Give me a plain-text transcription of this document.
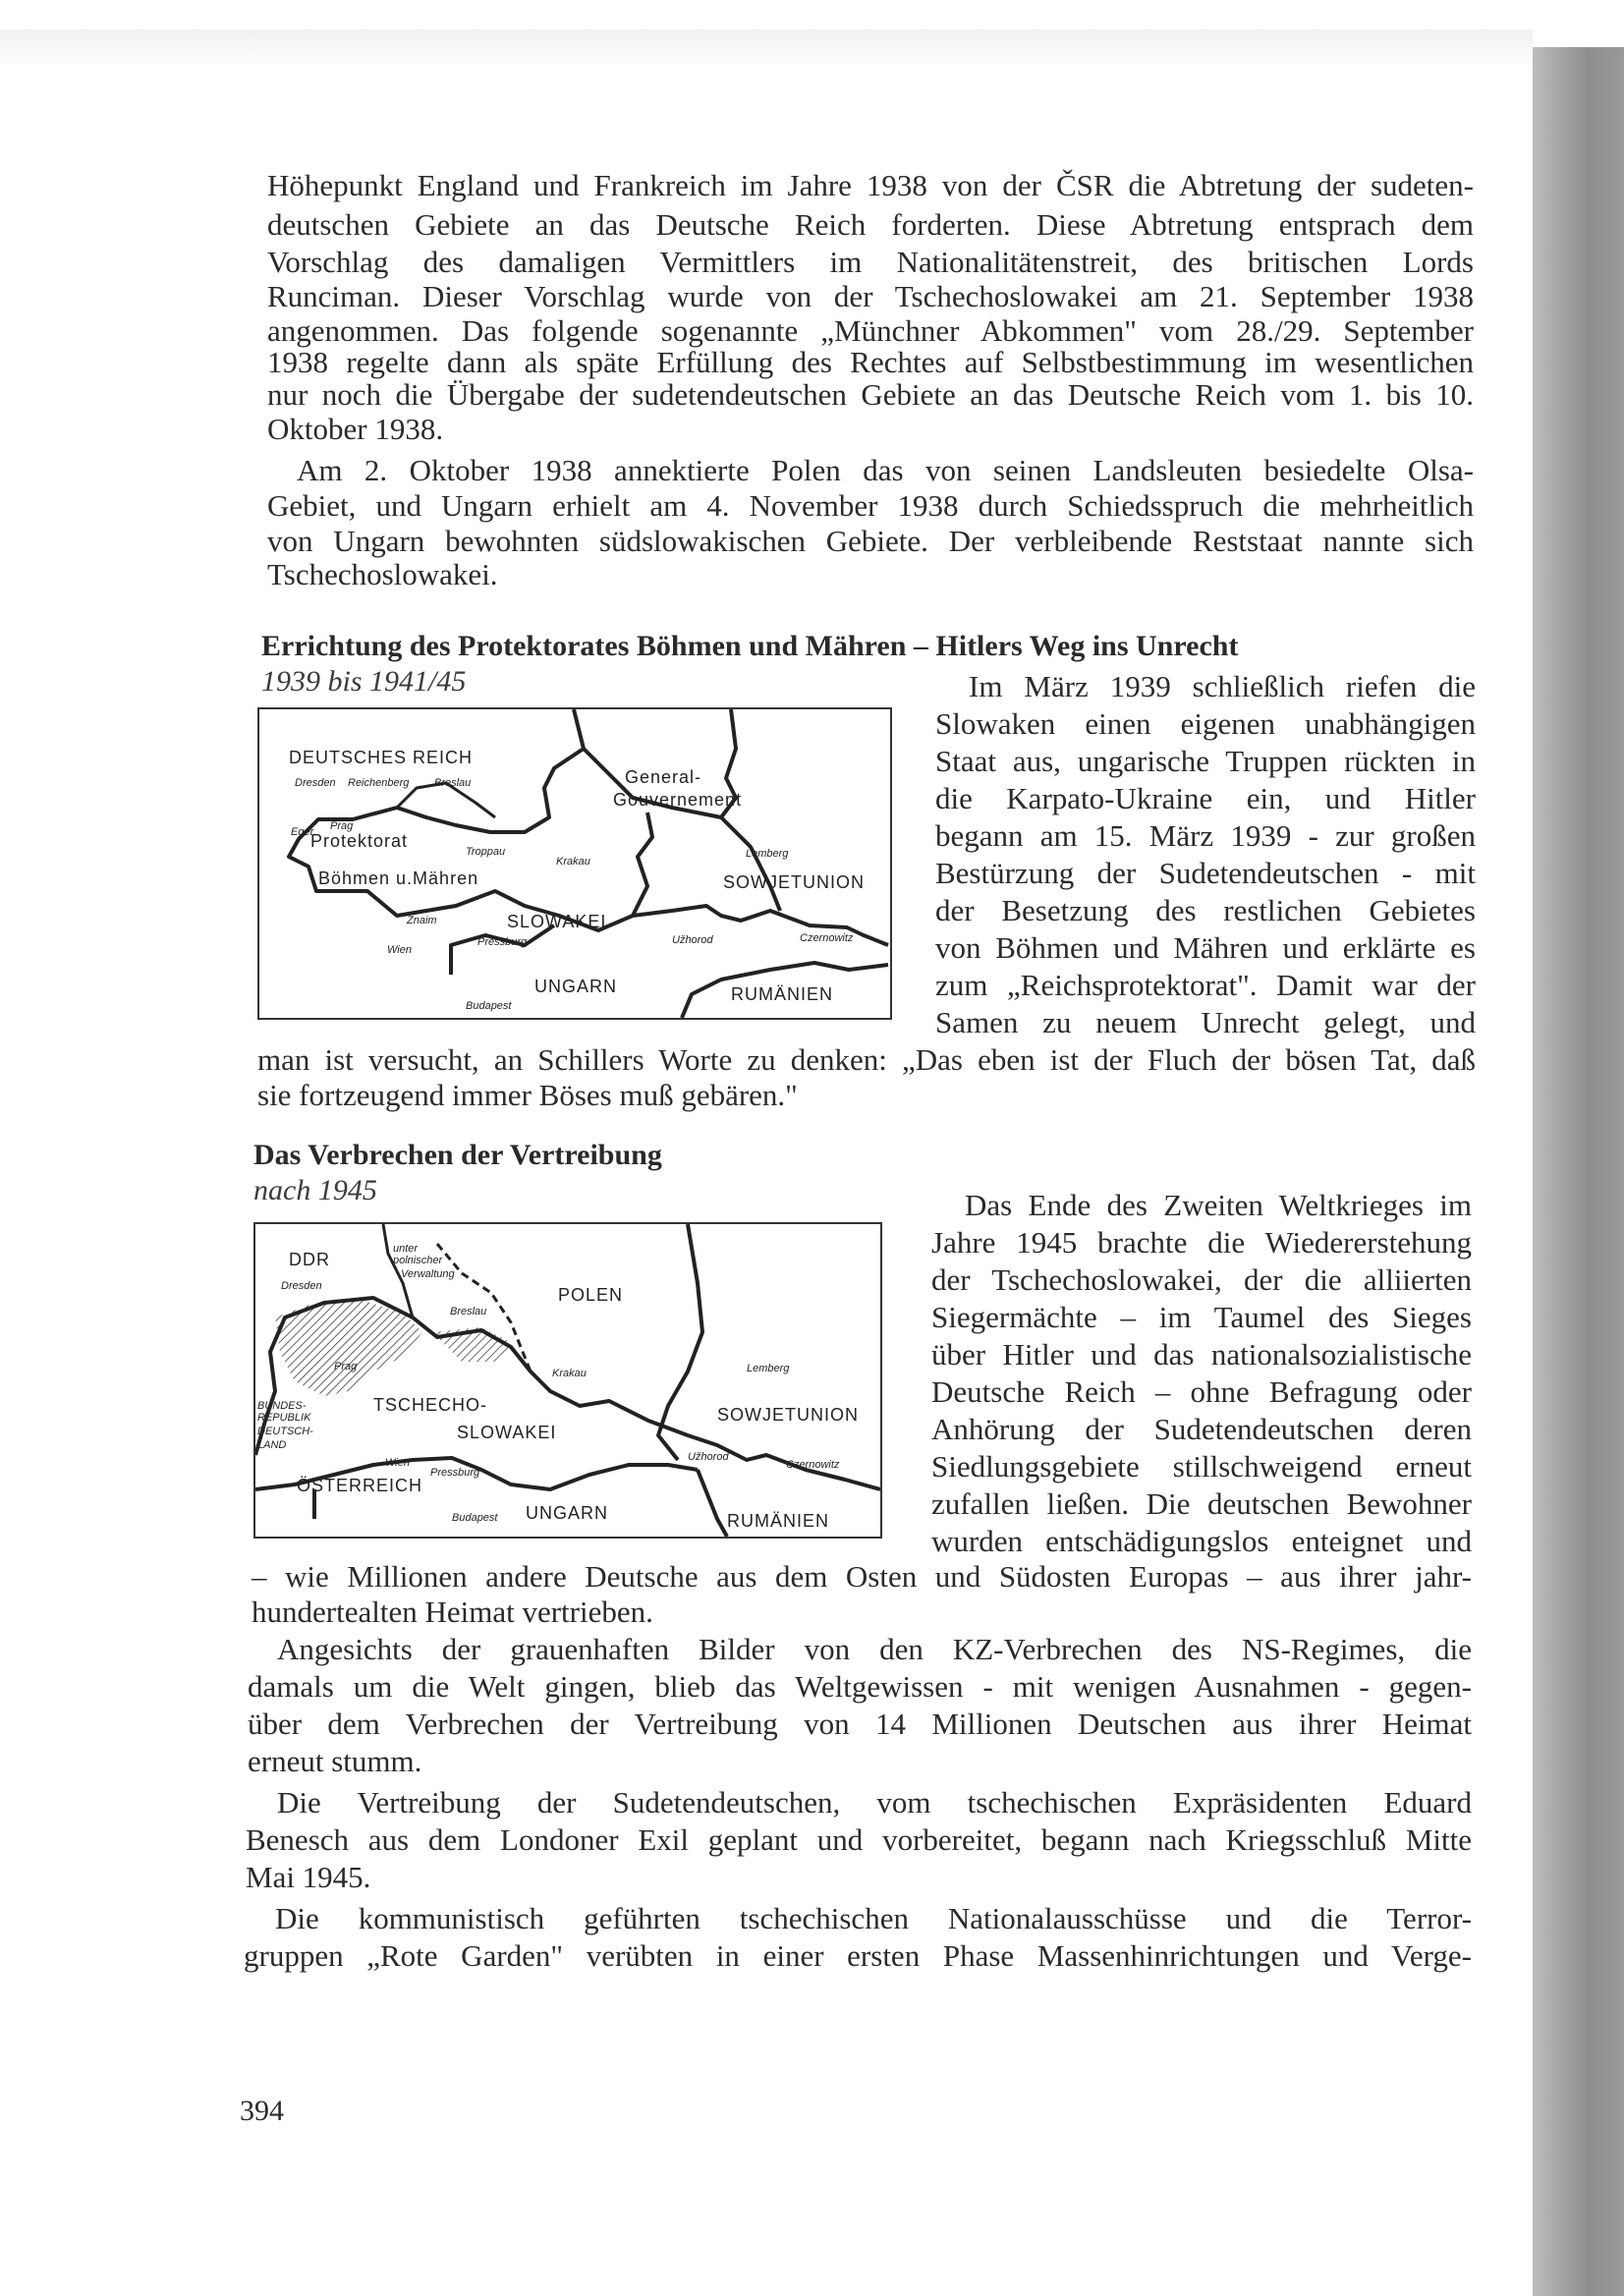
Höhepunkt England und Frankreich im Jahre 1938 von der ČSR die Abtretung der sudeten-
deutschen Gebiete an das Deutsche Reich forderten. Diese Abtretung entsprach dem
Vorschlag des damaligen Vermittlers im Nationalitätenstreit, des britischen Lords
Runciman. Dieser Vorschlag wurde von der Tschechoslowakei am 21. September 1938
angenommen. Das folgende sogenannte „Münchner Abkommen" vom 28./29. September
1938 regelte dann als späte Erfüllung des Rechtes auf Selbstbestimmung im wesentlichen
nur noch die Übergabe der sudetendeutschen Gebiete an das Deutsche Reich vom 1. bis 10.
Oktober 1938.
Am 2. Oktober 1938 annektierte Polen das von seinen Landsleuten besiedelte Olsa-
Gebiet, und Ungarn erhielt am 4. November 1938 durch Schiedsspruch die mehrheitlich
von Ungarn bewohnten südslowakischen Gebiete. Der verbleibende Reststaat nannte sich
Tschechoslowakei.
Errichtung des Protektorates Böhmen und Mähren – Hitlers Weg ins Unrecht
1939 bis 1941/45
DEUTSCHES REICH
General-
Gouvernement
Protektorat
Böhmen u.Mähren
SLOWAKEI
SOWJETUNION
UNGARN	RUMÄNIEN
Dresden Reichenberg Breslau
Prag
Eger
Troppau
Krakau
Lemberg
Znaim
Wien
Pressburg	Užhorod	Czernowitz
Budapest
Im März 1939 schließlich riefen die
Slowaken einen eigenen unabhängigen
Staat aus, ungarische Truppen rückten in
die Karpato-Ukraine ein, und Hitler
begann am 15. März 1939 - zur großen
Bestürzung der Sudetendeutschen - mit
der Besetzung des restlichen Gebietes
von Böhmen und Mähren und erklärte es
zum „Reichsprotektorat". Damit war der
Samen zu neuem Unrecht gelegt, und
man ist versucht, an Schillers Worte zu denken: „Das eben ist der Fluch der bösen Tat, daß
sie fortzeugend immer Böses muß gebären."
Das Verbrechen der Vertreibung
nach 1945
DDR
unter
polnischer
Verwaltung
POLEN
Dresden
Breslau
Prag
Krakau	Lemberg
TSCHECHO-
SLOWAKEI
SOWJETUNION
BUNDES-
REPUBLIK
DEUTSCH-
LAND
Wien
Pressburg
ÖSTERREICH
Užhorod
Czernowitz
Budapest UNGARN	RUMÄNIEN
Das Ende des Zweiten Weltkrieges im
Jahre 1945 brachte die Wiedererstehung
der Tschechoslowakei, der die alliierten
Siegermächte – im Taumel des Sieges
über Hitler und das nationalsozialistische
Deutsche Reich – ohne Befragung oder
Anhörung der Sudetendeutschen deren
Siedlungsgebiete stillschweigend erneut
zufallen ließen. Die deutschen Bewohner
wurden entschädigungslos enteignet und
– wie Millionen andere Deutsche aus dem Osten und Südosten Europas – aus ihrer jahr-
hundertealten Heimat vertrieben.
Angesichts der grauenhaften Bilder von den KZ-Verbrechen des NS-Regimes, die
damals um die Welt gingen, blieb das Weltgewissen - mit wenigen Ausnahmen - gegen-
über dem Verbrechen der Vertreibung von 14 Millionen Deutschen aus ihrer Heimat
erneut stumm.
Die Vertreibung der Sudetendeutschen, vom tschechischen Expräsidenten Eduard
Benesch aus dem Londoner Exil geplant und vorbereitet, begann nach Kriegsschluß Mitte
Mai 1945.
Die kommunistisch geführten tschechischen Nationalausschüsse und die Terror-
gruppen „Rote Garden" verübten in einer ersten Phase Massenhinrichtungen und Verge-
394
